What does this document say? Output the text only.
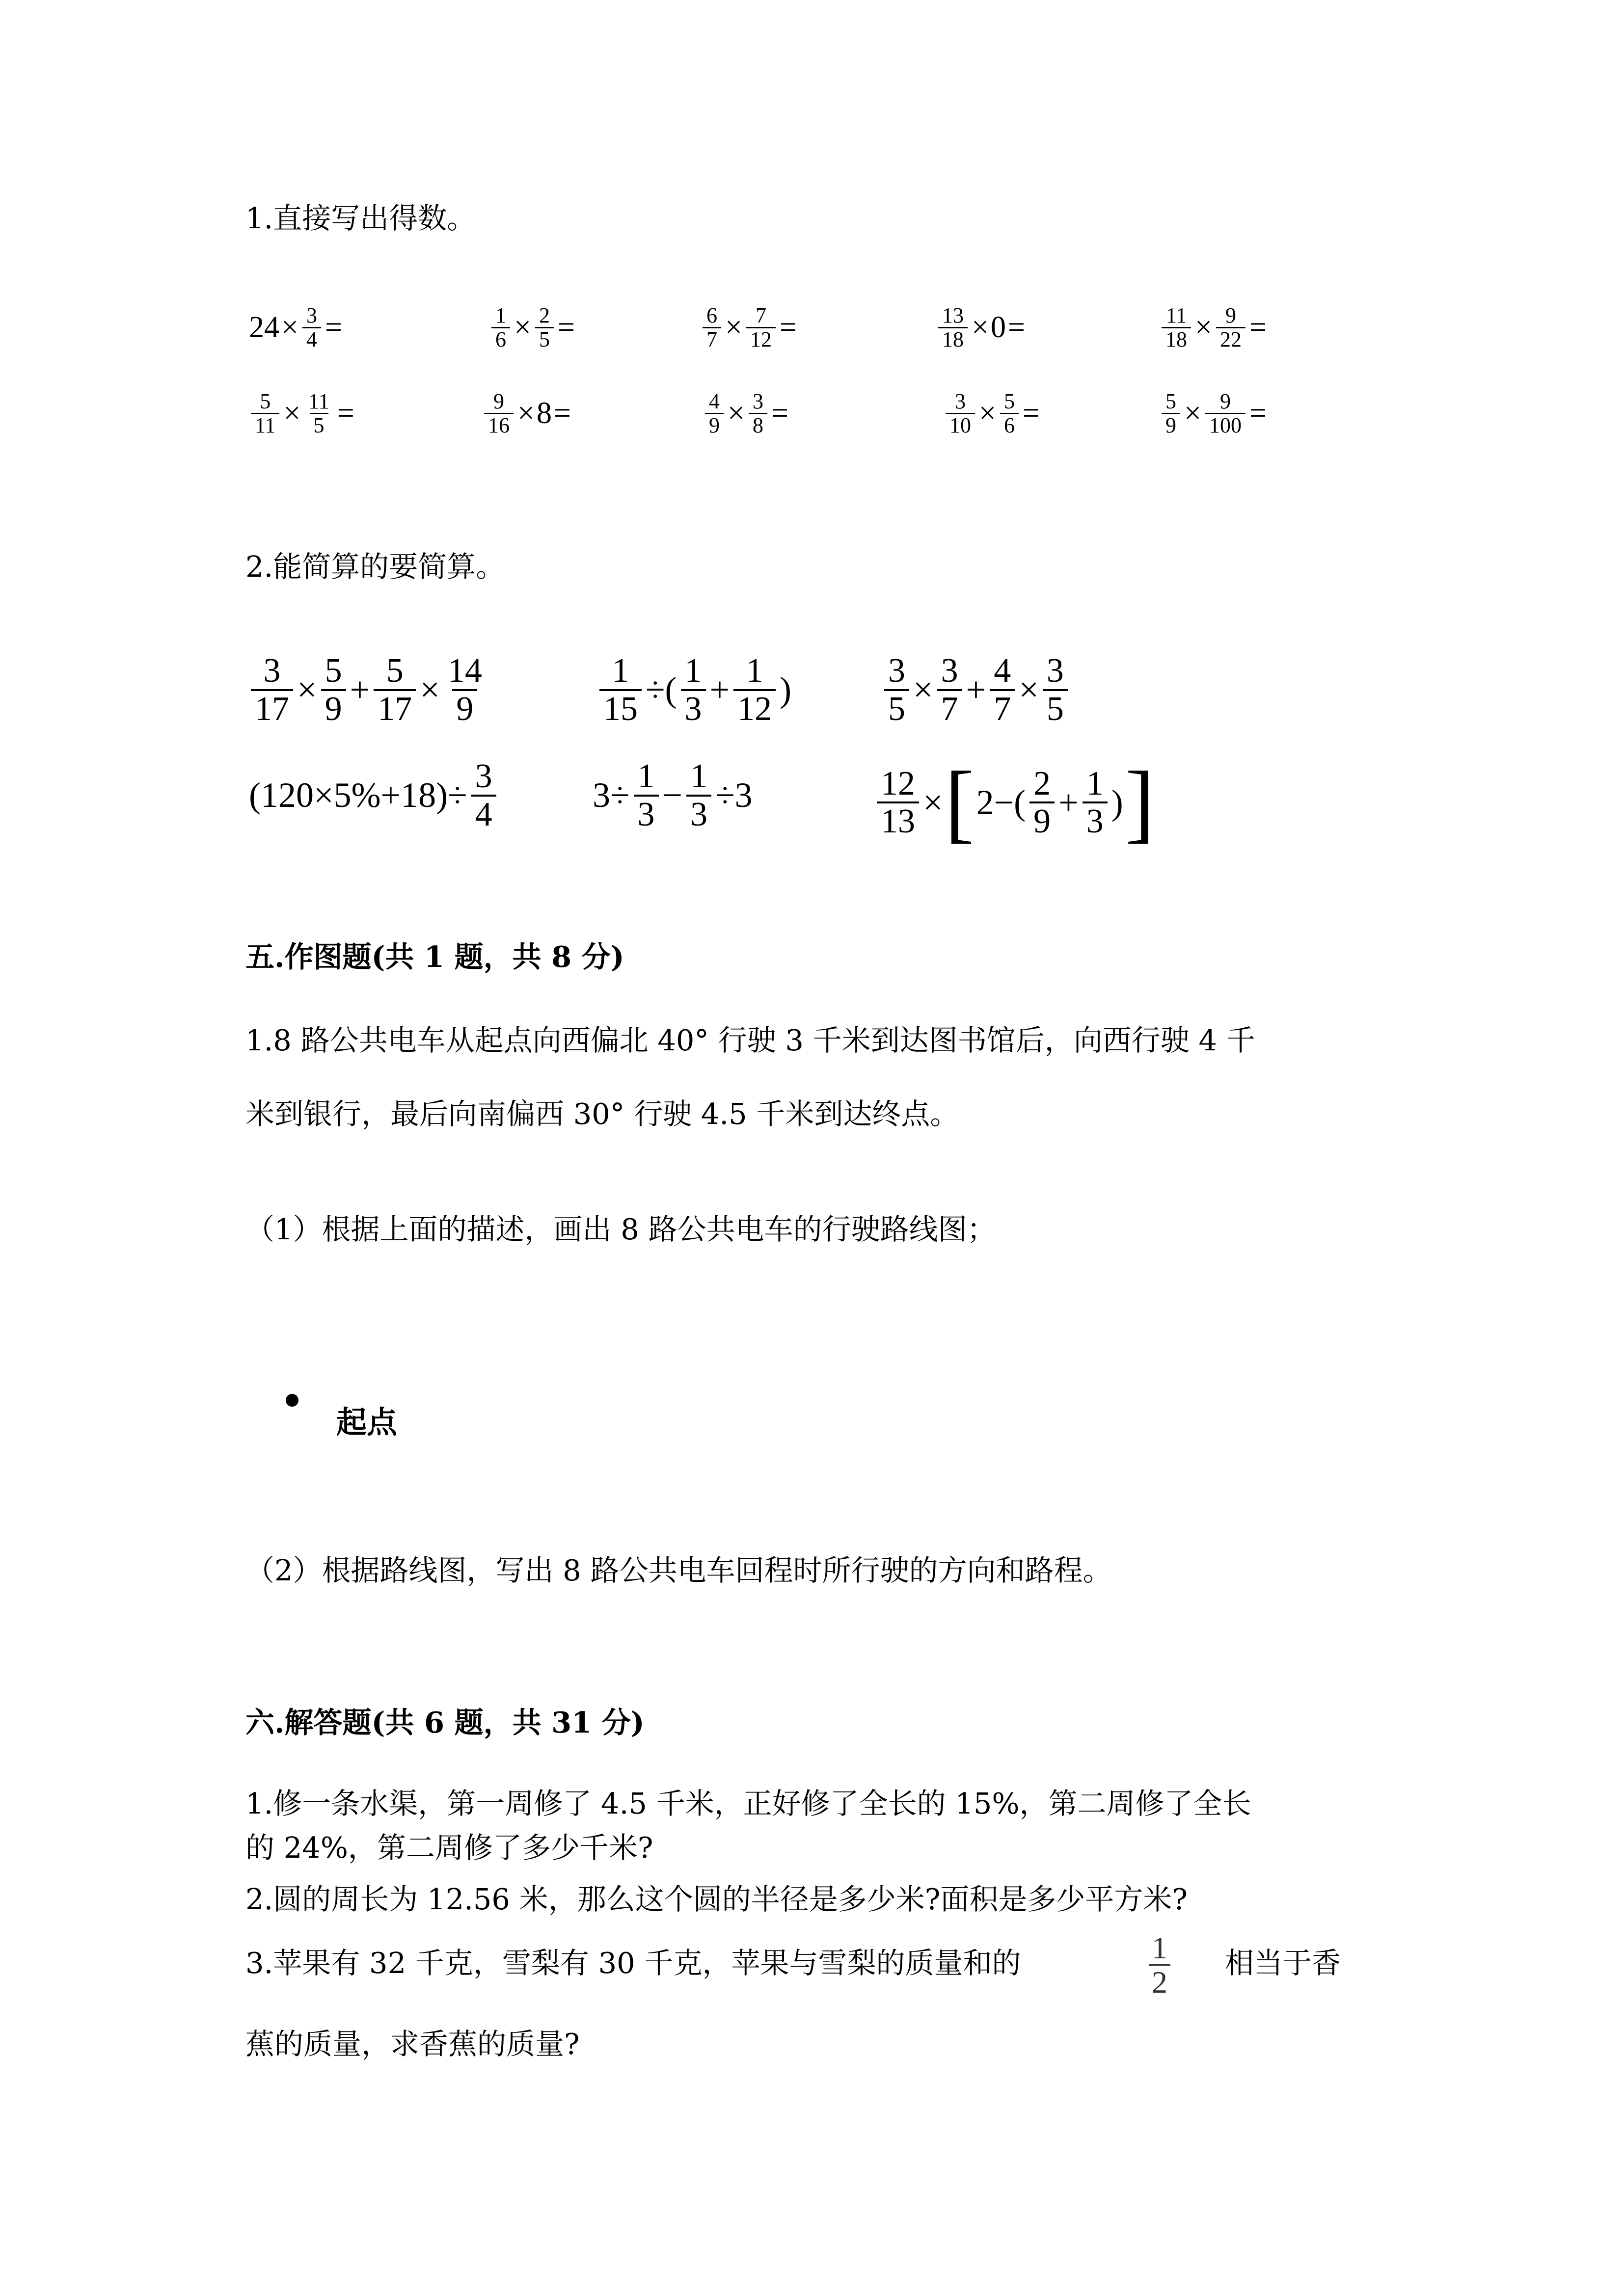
1.直接写出得数。
$24\times \frac{3}{4}$ =	$\frac{1}{6} \times \frac{2}{5}$ =	$\frac{6}{7} \times \frac{7}{12}$ =	$\frac{13}{18} \times 0=$	$\frac{11}{18} \times \frac{9}{22}$ =
$\frac{5}{11} \times \frac{11}{5}$ =	$\frac{9}{16} \times 8=$	$\frac{4}{9} \times \frac{3}{8}$ =	$\frac{3}{10} \times \frac{5}{6}$ =	$\frac{5}{9} \times \frac{9}{100}$ =
2.能简算的要简算。
$\frac{3}{17} \times \frac{5}{9} + \frac{5}{17} \times \frac{14}{9}$	$\frac{1}{15}$ ÷( $\frac{1}{3} + \frac{1}{12}$ )	$\frac{3}{5} \times \frac{3}{7} + \frac{4}{7} \times \frac{3}{5}$
$(120\times 5\%+18)\div \frac{3}{4}$	$3\div \frac{1}{3} - \frac{1}{3} \div 3$	$\frac{12}{13} \times[2-( \frac{2}{9} + \frac{1}{3}$ )]
五.作图题(共 1 题，共 8 分)
1.8 路公共电车从起点向西偏北 40° 行驶 3 千米到达图书馆后，向西行驶 4 千
米到银行，最后向南偏西 30° 行驶 4.5 千米到达终点。
（1）根据上面的描述，画出 8 路公共电车的行驶路线图；
起点
（2）根据路线图，写出 8 路公共电车回程时所行驶的方向和路程。
六.解答题(共 6 题，共 31 分)
1.修一条水渠，第一周修了 4.5 千米，正好修了全长的 15%，第二周修了全长
的 24%，第二周修了多少千米?
2.圆的周长为 12.56 米，那么这个圆的半径是多少米?面积是多少平方米?
3.苹果有 32 千克，雪梨有 30 千克，苹果与雪梨的质量和的	$\frac{1}{2}$ 相当于香
蕉的质量，求香蕉的质量?
